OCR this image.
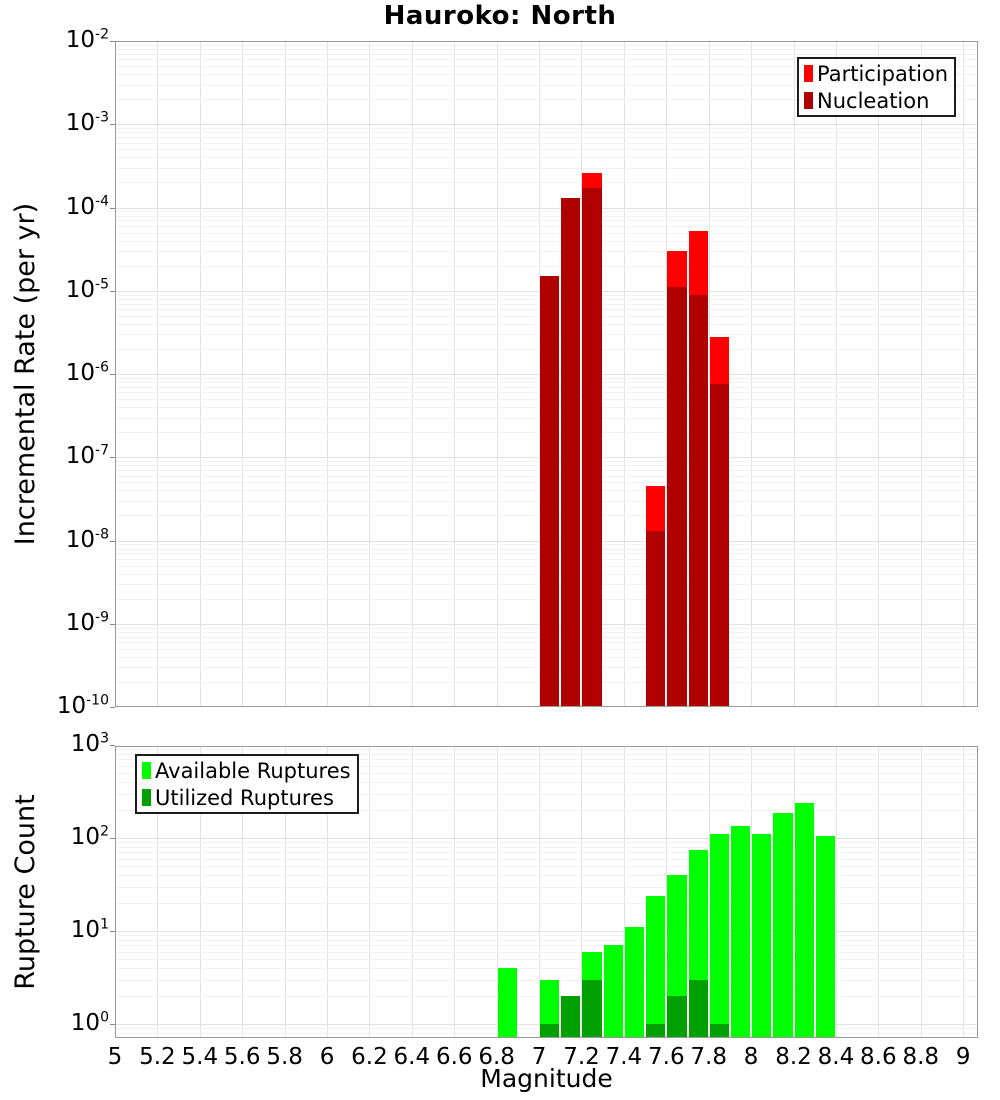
Hauroko: North
Incremental Rate (per yr)
Rupture Count
Magnitude
Participation
Nucleation
Available Ruptures
Utilized Ruptures
$10^{-2}$
$10^{-3}$
$10^{-4}$
$10^{-5}$
$10^{-6}$
$10^{-7}$
$10^{-8}$
$10^{-9}$
$10^{-10}$
$10^3$
$10^2$
$10^1$
$10^0$
5 5.2 5.4 5.6 5.8 6 6.2 6.4 6.6 6.8 7 7.2 7.4 7.6 7.8 8 8.2 8.4 8.6 8.8 9
